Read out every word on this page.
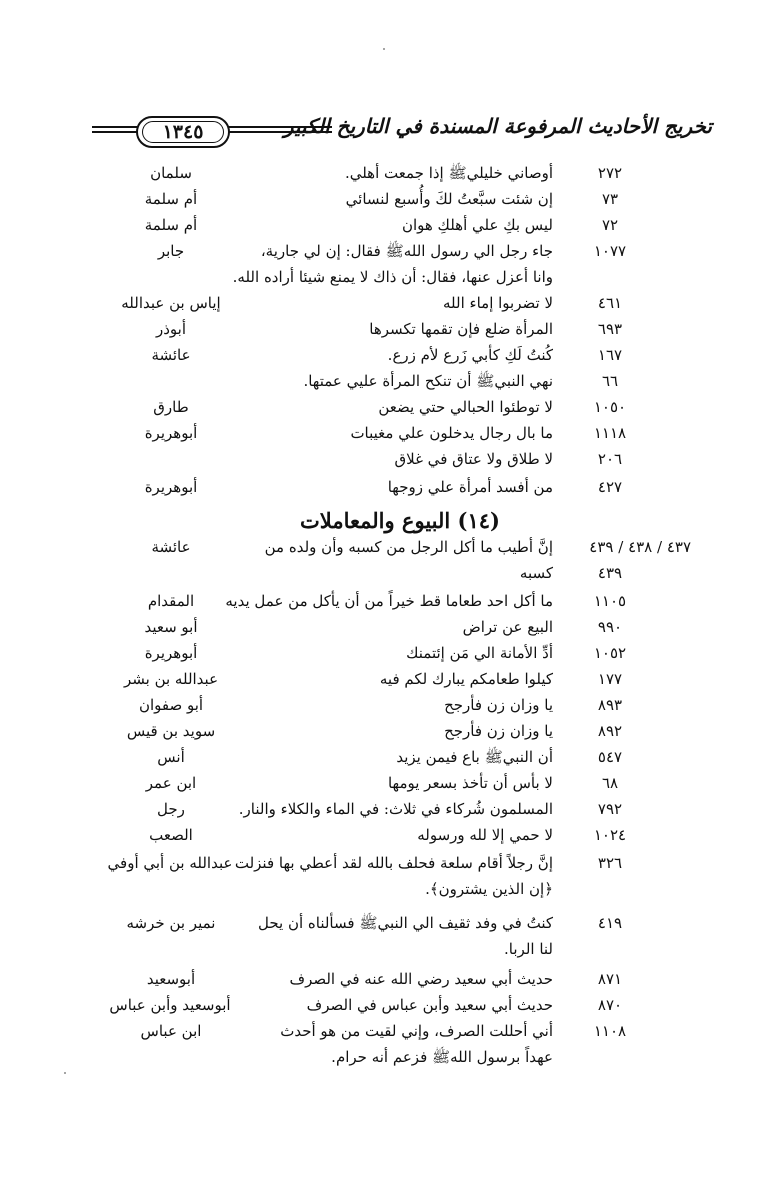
تخريج الأحاديث المرفوعة المسندة في التاريخ الكبير
١٣٤٥
(١٤) البيوع والمعاملات
٢٧٢
أوصاني خليليﷺ إذا جمعت أهلي.
سلمان
٧٣
إن شئت سبَّعتُ لكَ وأُسبع لنسائي
أم سلمة
٧٢
ليس بكِ علي أهلكِ هوان
أم سلمة
١٠٧٧
جاء رجل الي رسول اللهﷺ فقال: إن لي جارية،
جابر
وانا أعزل عنها، فقال: أن ذاك لا يمنع شيئا أراده الله.
٤٦١
لا تضربوا إماء الله
إياس بن عبدالله
٦٩٣
المرأة ضلع فإن تقمها تكسرها
أبوذر
١٦٧
كُنتُ لَكِ كأبي زَرع لأم زرع.
عائشة
٦٦
نهي النبيﷺ أن تنكح المرأة عليي عمتها.
١٠٥٠
لا توطئوا الحبالي حتي يضعن
طارق
١١١٨
ما بال رجال يدخلون علي مغيبات
أبوهريرة
٢٠٦
لا طلاق ولا عتاق في غلاق
٤٢٧
من أفسد أمرأة علي زوجها
أبوهريرة
٤٣٧ / ٤٣٨ / ٤٣٩
إنَّ أطيب ما أكل الرجل من كسبه وأن ولده من
عائشة
٤٣٩
كسبه
١١٠٥
ما أكل احد طعاما قط خيراً من أن يأكل من عمل يديه
المقدام
٩٩٠
البيع عن تراض
أبو سعيد
١٠٥٢
أدِّ الأمانة الي مَن إئتمنك
أبوهريرة
١٧٧
كيلوا طعامكم يبارك لكم فيه
عبدالله بن بشر
٨٩٣
يا وزان زن فأرجح
أبو صفوان
٨٩٢
يا وزان زن فأرجح
سويد بن قيس
٥٤٧
أن النبيﷺ باع فيمن يزيد
أنس
٦٨
لا بأس أن تأخذ بسعر يومها
ابن عمر
٧٩٢
المسلمون شُركاء في ثلاث: في الماء والكلاء والنار.
رجل
١٠٢٤
لا حمي إلا لله ورسوله
الصعب
٣٢٦
إنَّ رجلاً أقام سلعة فحلف بالله لقد أعطي بها فنزلت
عبدالله بن أبي أوفي
﴿إن الذين يشترون﴾.
٤١٩
كنتُ في وفد ثقيف الي النبيﷺ فسألناه أن يحل
نمير بن خرشه
لنا الربا.
٨٧١
حديث أبي سعيد رضي الله عنه في الصرف
أبوسعيد
٨٧٠
حديث أبي سعيد وأبن عباس في الصرف
أبوسعيد وأبن عباس
١١٠٨
أني أحللت الصرف، وإني لقيت من هو أحدث
ابن عباس
عهداً برسول اللهﷺ فزعم أنه حرام.
